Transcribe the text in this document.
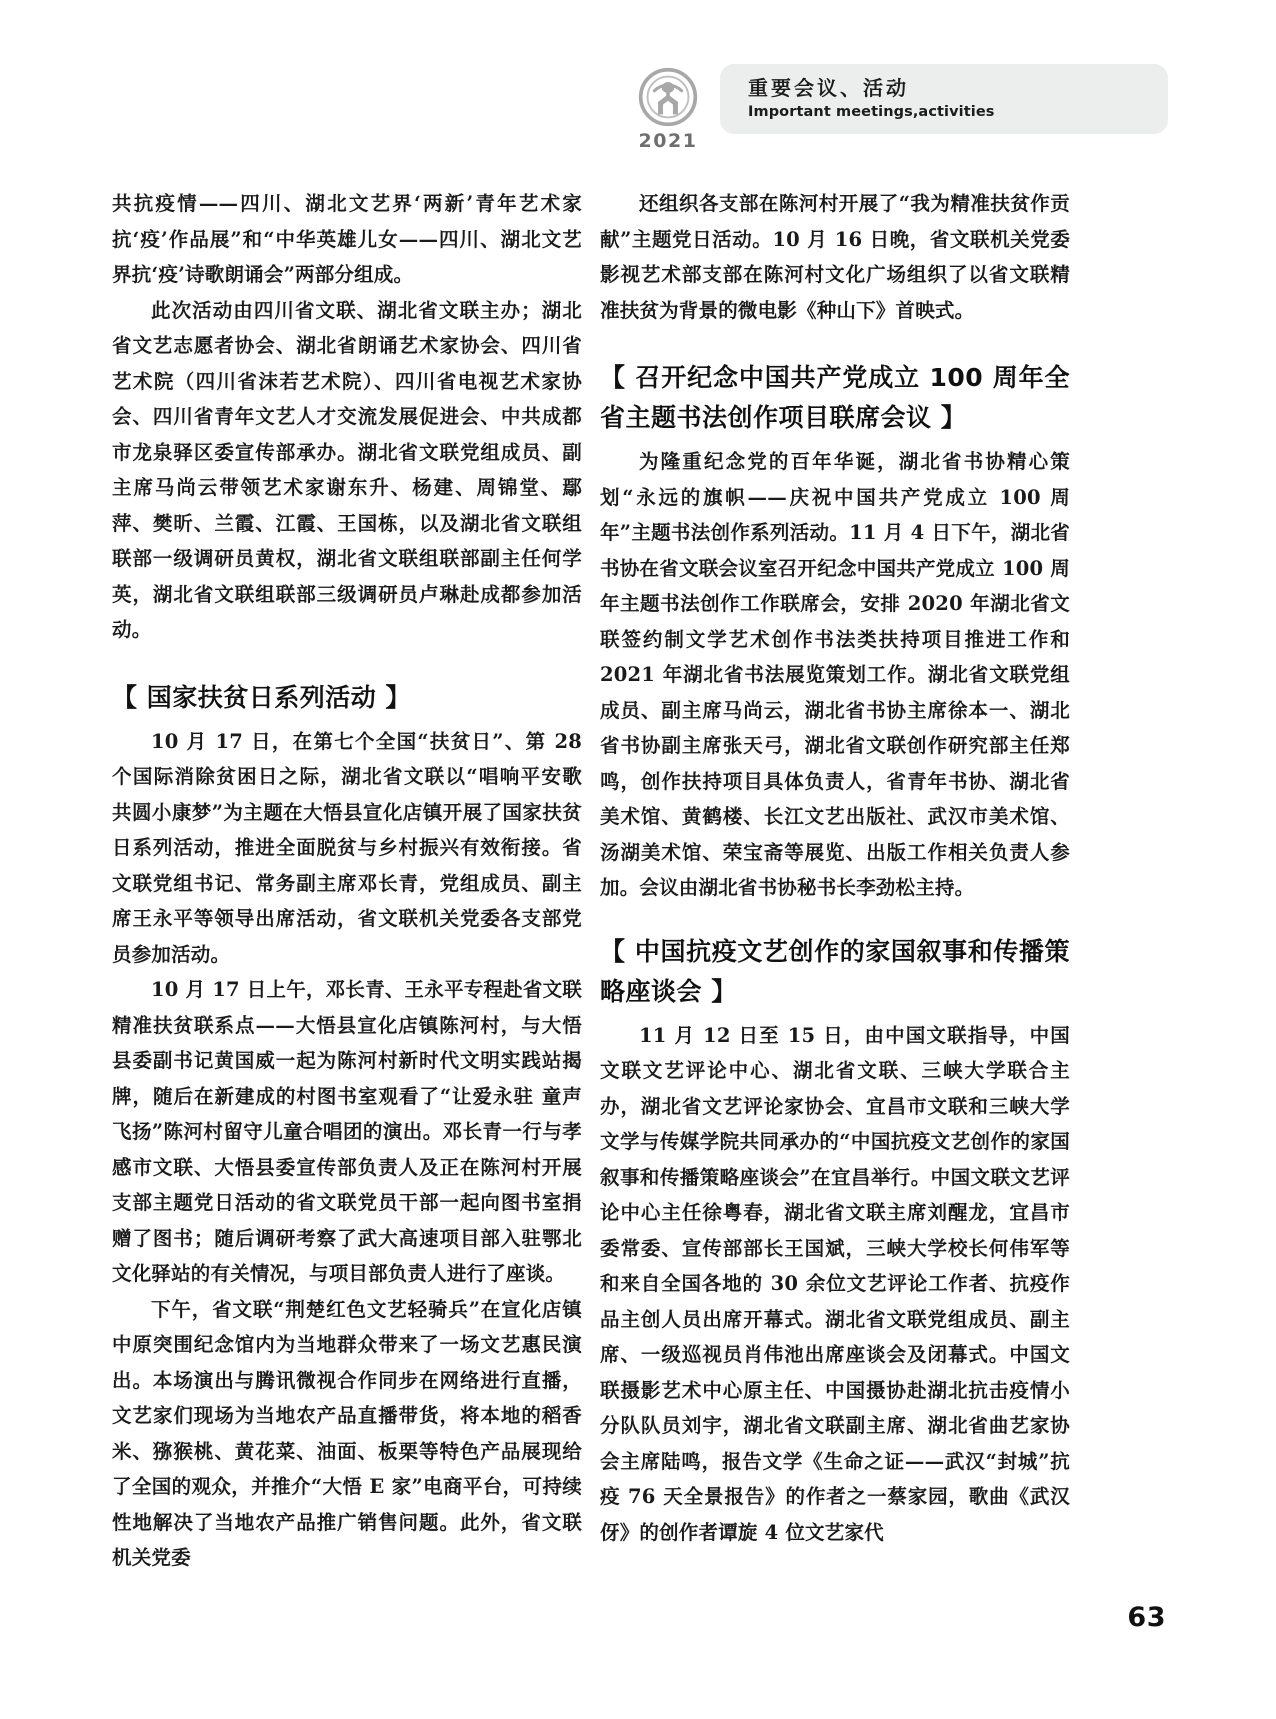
2021
重要会议、活动
Important meetings,activities

共抗疫情——四川、湖北文艺界‘两新’青年艺术家抗‘疫’作品展”和“中华英雄儿女——四川、湖北文艺界抗‘疫’诗歌朗诵会”两部分组成。

此次活动由四川省文联、湖北省文联主办；湖北省文艺志愿者协会、湖北省朗诵艺术家协会、四川省艺术院（四川省沫若艺术院）、四川省电视艺术家协会、四川省青年文艺人才交流发展促进会、中共成都市龙泉驿区委宣传部承办。湖北省文联党组成员、副主席马尚云带领艺术家谢东升、杨建、周锦堂、鄢萍、樊昕、兰霞、江霞、王国栋，以及湖北省文联组联部一级调研员黄权，湖北省文联组联部副主任何学英，湖北省文联组联部三级调研员卢琳赴成都参加活动。

【 国家扶贫日系列活动 】

10 月 17 日，在第七个全国“扶贫日”、第 28 个国际消除贫困日之际，湖北省文联以“唱响平安歌 共圆小康梦”为主题在大悟县宣化店镇开展了国家扶贫日系列活动，推进全面脱贫与乡村振兴有效衔接。省文联党组书记、常务副主席邓长青，党组成员、副主席王永平等领导出席活动，省文联机关党委各支部党员参加活动。

10 月 17 日上午，邓长青、王永平专程赴省文联精准扶贫联系点——大悟县宣化店镇陈河村，与大悟县委副书记黄国威一起为陈河村新时代文明实践站揭牌，随后在新建成的村图书室观看了“让爱永驻 童声飞扬”陈河村留守儿童合唱团的演出。邓长青一行与孝感市文联、大悟县委宣传部负责人及正在陈河村开展支部主题党日活动的省文联党员干部一起向图书室捐赠了图书；随后调研考察了武大高速项目部入驻鄂北文化驿站的有关情况，与项目部负责人进行了座谈。

下午，省文联“荆楚红色文艺轻骑兵”在宣化店镇中原突围纪念馆内为当地群众带来了一场文艺惠民演出。本场演出与腾讯微视合作同步在网络进行直播，文艺家们现场为当地农产品直播带货，将本地的稻香米、猕猴桃、黄花菜、油面、板栗等特色产品展现给了全国的观众，并推介“大悟 E 家”电商平台，可持续性地解决了当地农产品推广销售问题。此外，省文联机关党委

还组织各支部在陈河村开展了“我为精准扶贫作贡献”主题党日活动。10 月 16 日晚，省文联机关党委影视艺术部支部在陈河村文化广场组织了以省文联精准扶贫为背景的微电影《种山下》首映式。

【 召开纪念中国共产党成立 100 周年全省主题书法创作项目联席会议 】

为隆重纪念党的百年华诞，湖北省书协精心策划“永远的旗帜——庆祝中国共产党成立 100 周年”主题书法创作系列活动。11 月 4 日下午，湖北省书协在省文联会议室召开纪念中国共产党成立 100 周年主题书法创作工作联席会，安排 2020 年湖北省文联签约制文学艺术创作书法类扶持项目推进工作和 2021 年湖北省书法展览策划工作。湖北省文联党组成员、副主席马尚云，湖北省书协主席徐本一、湖北省书协副主席张天弓，湖北省文联创作研究部主任郑鸣，创作扶持项目具体负责人，省青年书协、湖北省美术馆、黄鹤楼、长江文艺出版社、武汉市美术馆、汤湖美术馆、荣宝斋等展览、出版工作相关负责人参加。会议由湖北省书协秘书长李劲松主持。

【 中国抗疫文艺创作的家国叙事和传播策略座谈会 】

11 月 12 日至 15 日，由中国文联指导，中国文联文艺评论中心、湖北省文联、三峡大学联合主办，湖北省文艺评论家协会、宜昌市文联和三峡大学文学与传媒学院共同承办的“中国抗疫文艺创作的家国叙事和传播策略座谈会”在宜昌举行。中国文联文艺评论中心主任徐粤春，湖北省文联主席刘醒龙，宜昌市委常委、宣传部部长王国斌，三峡大学校长何伟军等和来自全国各地的 30 余位文艺评论工作者、抗疫作品主创人员出席开幕式。湖北省文联党组成员、副主席、一级巡视员肖伟池出席座谈会及闭幕式。中国文联摄影艺术中心原主任、中国摄协赴湖北抗击疫情小分队队员刘宇，湖北省文联副主席、湖北省曲艺家协会主席陆鸣，报告文学《生命之证——武汉“封城”抗疫 76 天全景报告》的作者之一蔡家园，歌曲《武汉伢》的创作者谭旋 4 位文艺家代

63
